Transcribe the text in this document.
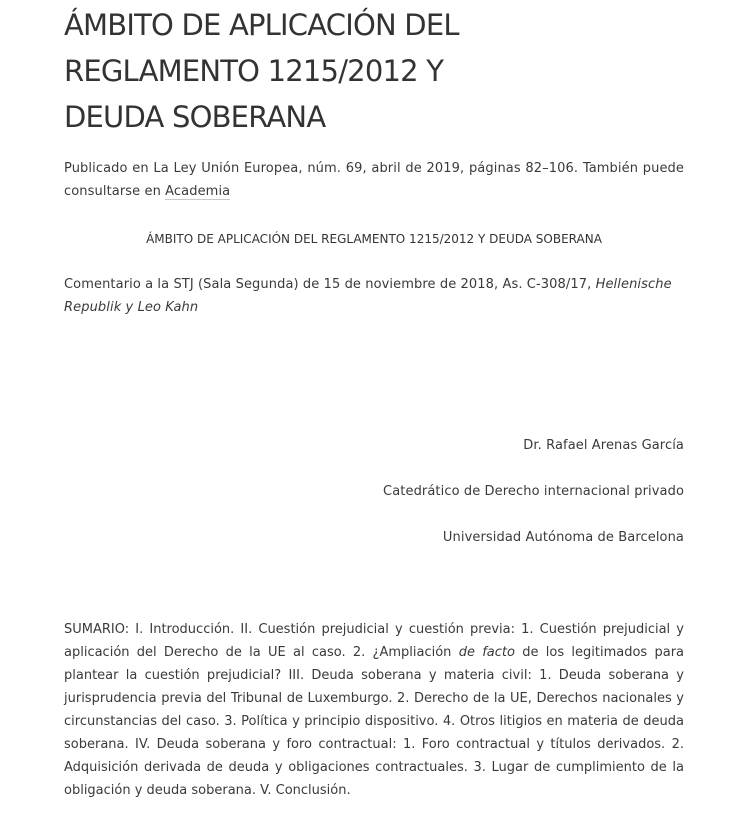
ÁMBITO DE APLICACIÓN DEL
REGLAMENTO 1215/2012 Y
DEUDA SOBERANA

Publicado en La Ley Unión Europea, núm. 69, abril de 2019, páginas 82–106. También puede consultarse en Academia

ÁMBITO DE APLICACIÓN DEL REGLAMENTO 1215/2012 Y DEUDA SOBERANA

Comentario a la STJ (Sala Segunda) de 15 de noviembre de 2018, As. C‑308/17, Hellenische Republik y Leo Kahn

Dr. Rafael Arenas García

Catedrático de Derecho internacional privado

Universidad Autónoma de Barcelona

SUMARIO: I. Introducción. II. Cuestión prejudicial y cuestión previa: 1. Cuestión prejudicial y aplicación del Derecho de la UE al caso. 2. ¿Ampliación de facto de los legitimados para plantear la cuestión prejudicial? III. Deuda soberana y materia civil: 1. Deuda soberana y jurisprudencia previa del Tribunal de Luxemburgo. 2. Derecho de la UE, Derechos nacionales y circunstancias del caso. 3. Política y principio dispositivo. 4. Otros litigios en materia de deuda soberana. IV. Deuda soberana y foro contractual: 1. Foro contractual y títulos derivados. 2. Adquisición derivada de deuda y obligaciones contractuales. 3. Lugar de cumplimiento de la obligación y deuda soberana. V. Conclusión.
